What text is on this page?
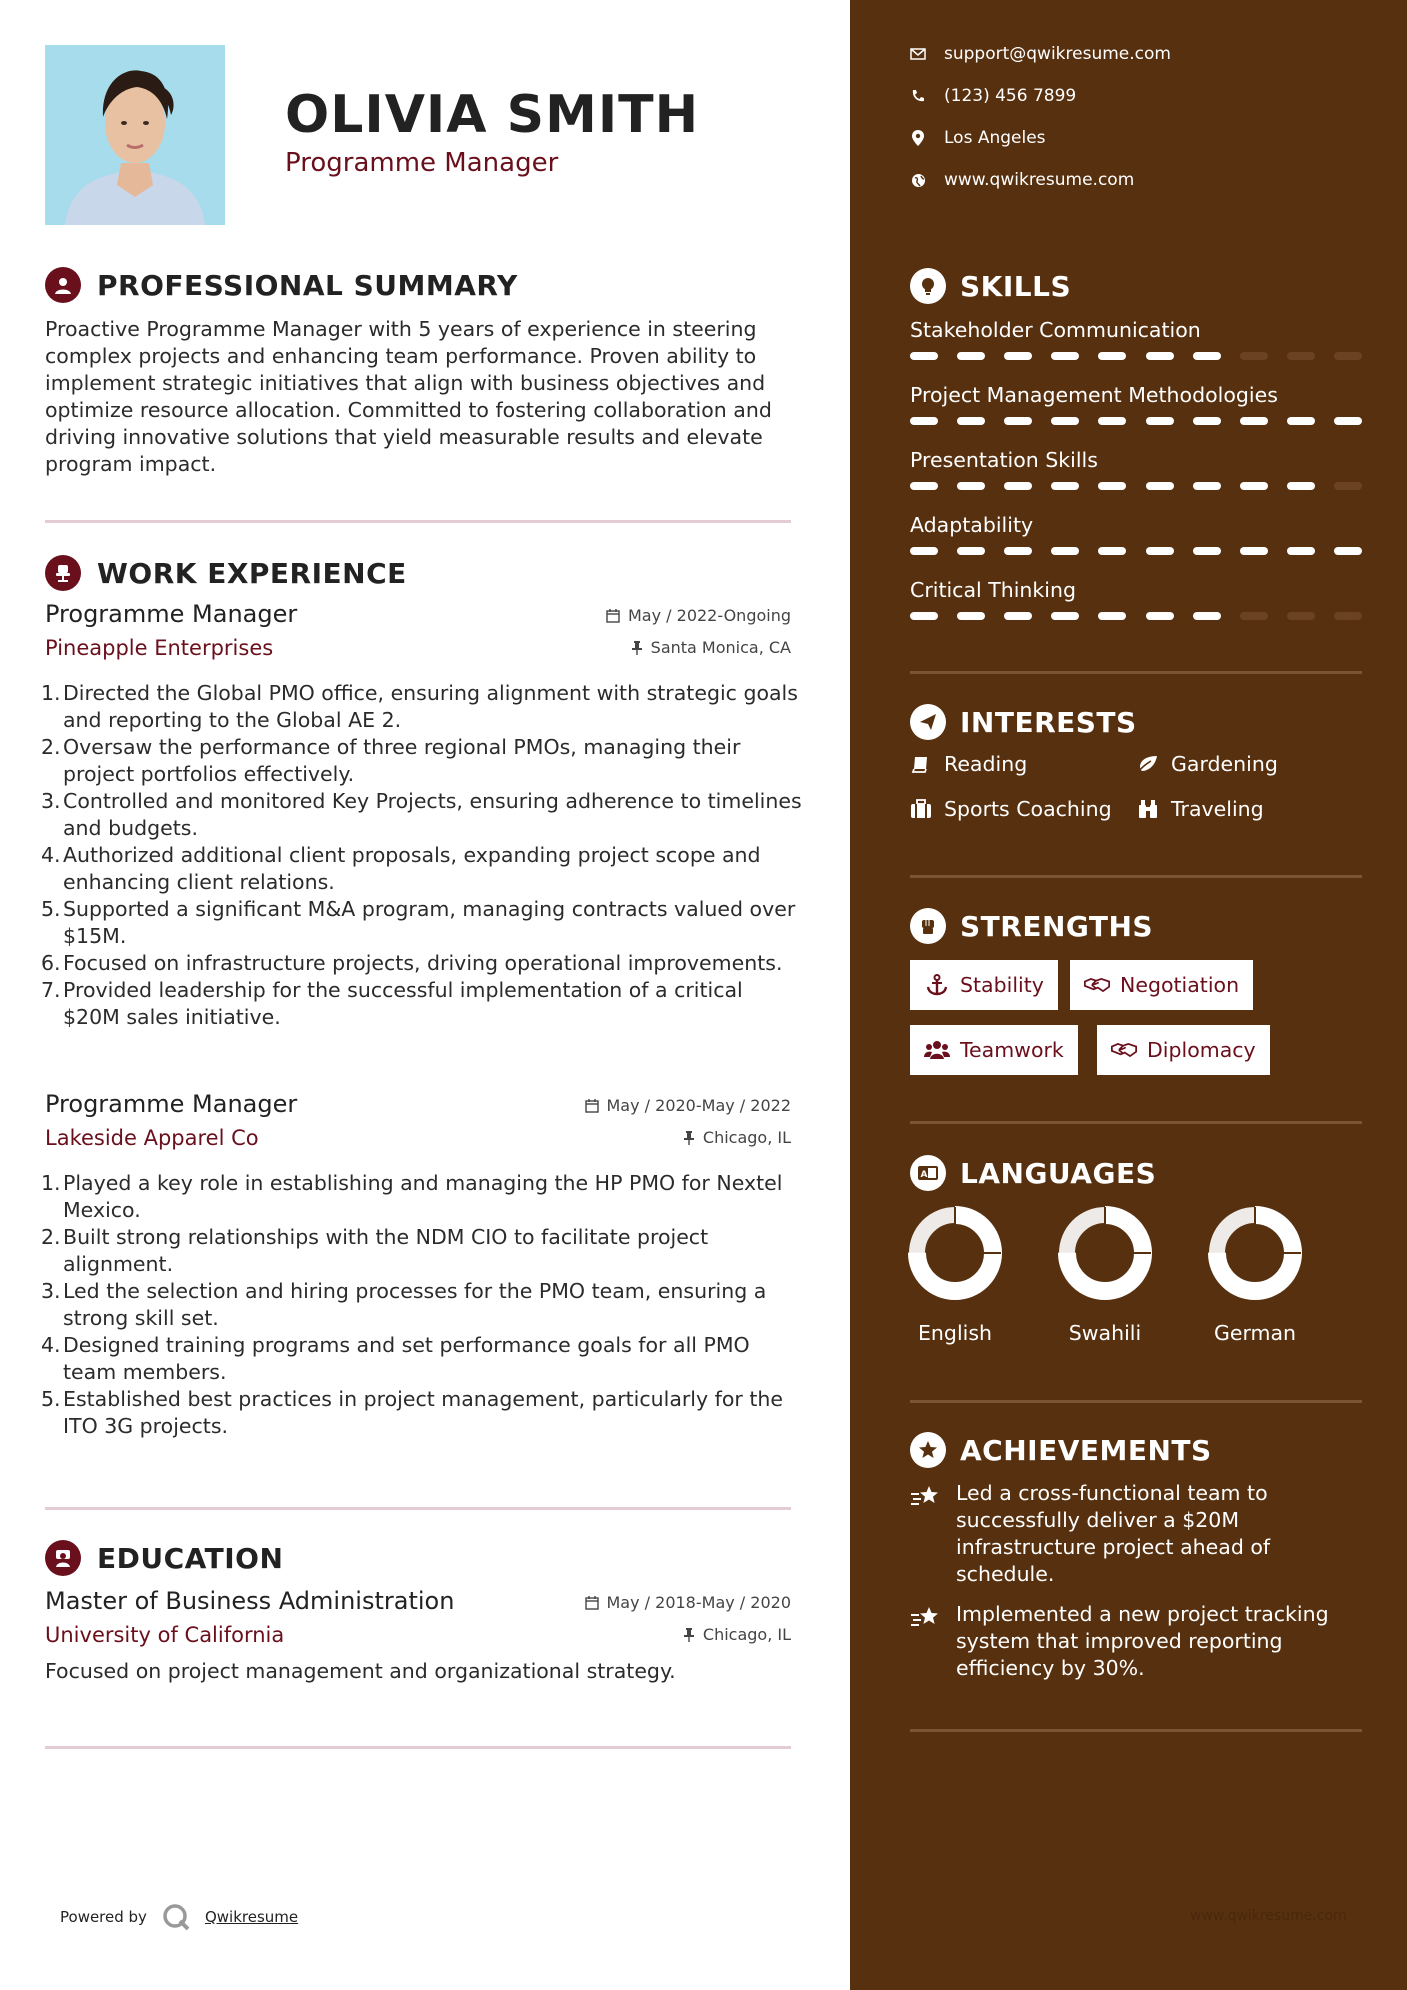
OLIVIA SMITH
Programme Manager
PROFESSIONAL SUMMARY
Proactive Programme Manager with 5 years of experience in steering complex projects and enhancing team performance. Proven ability to implement strategic initiatives that align with business objectives and optimize resource allocation. Committed to fostering collaboration and driving innovative solutions that yield measurable results and elevate program impact.
WORK EXPERIENCE
Programme Manager
Pineapple Enterprises
May / 2022-Ongoing
Santa Monica, CA
1. Directed the Global PMO office, ensuring alignment with strategic goals and reporting to the Global AE 2.
2. Oversaw the performance of three regional PMOs, managing their project portfolios effectively.
3. Controlled and monitored Key Projects, ensuring adherence to timelines and budgets.
4. Authorized additional client proposals, expanding project scope and enhancing client relations.
5. Supported a significant M&A program, managing contracts valued over $15M.
6. Focused on infrastructure projects, driving operational improvements.
7. Provided leadership for the successful implementation of a critical $20M sales initiative.
Programme Manager
Lakeside Apparel Co
May / 2020-May / 2022
Chicago, IL
1. Played a key role in establishing and managing the HP PMO for Nextel Mexico.
2. Built strong relationships with the NDM CIO to facilitate project alignment.
3. Led the selection and hiring processes for the PMO team, ensuring a strong skill set.
4. Designed training programs and set performance goals for all PMO team members.
5. Established best practices in project management, particularly for the ITO 3G projects.
EDUCATION
Master of Business Administration
University of California
May / 2018-May / 2020
Chicago, IL
Focused on project management and organizational strategy.
Powered by	Qwikresume
support@qwikresume.com
(123) 456 7899
Los Angeles
www.qwikresume.com
SKILLS
Stakeholder Communication
Project Management Methodologies
Presentation Skills
Adaptability
Critical Thinking
INTERESTS
Reading	Gardening
Sports Coaching	Traveling
STRENGTHS
Stability	Negotiation
Teamwork	Diplomacy
A LANGUAGES
English	Swahili	German
ACHIEVEMENTS
Led a cross-functional team to successfully deliver a $20M infrastructure project ahead of schedule.
Implemented a new project tracking system that improved reporting efficiency by 30%.
www.qwikresume.com
